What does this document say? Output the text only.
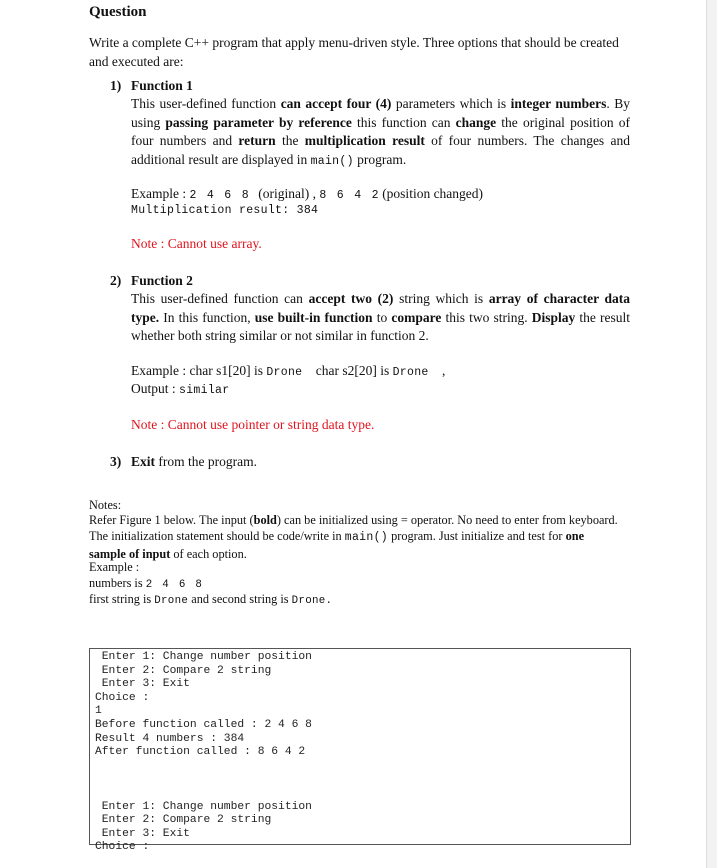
Question

Write a complete C++ program that apply menu-driven style. Three options that should be created and executed are:

1) Function 1

This user-defined function can accept four (4) parameters which is integer numbers. By using passing parameter by reference this function can change the original position of four numbers and return the multiplication result of four numbers. The changes and additional result are displayed in main() program.

Example : 2 4 6 8 (original) , 8 6 4 2 (position changed)
Multiplication result: 384
Note : Cannot use array.
2) Function 2

This user-defined function can accept two (2) string which is array of character data type. In this function, use built-in function to compare this two string. Display the result whether both string similar or not similar in function 2.

Example : char s1[20] is Drone char s2[20] is Drone ,
Output : similar
Note : Cannot use pointer or string data type.
3) Exit from the program.
Notes:

Refer Figure 1 below. The input (bold) can be initialized using = operator. No need to enter from keyboard. The initialization statement should be code/write in main() program. Just initialize and test for one sample of input of each option.

Example :
numbers is 2 4 6 8
first string is Drone and second string is Drone.
Enter 1: Change number position
Enter 2: Compare 2 string
Enter 3: Exit
Choice :
1
Before function called : 2 4 6 8
Result 4 numbers : 384
After function called : 8 6 4 2

Enter 1: Change number position
Enter 2: Compare 2 string
Enter 3: Exit
Choice :
